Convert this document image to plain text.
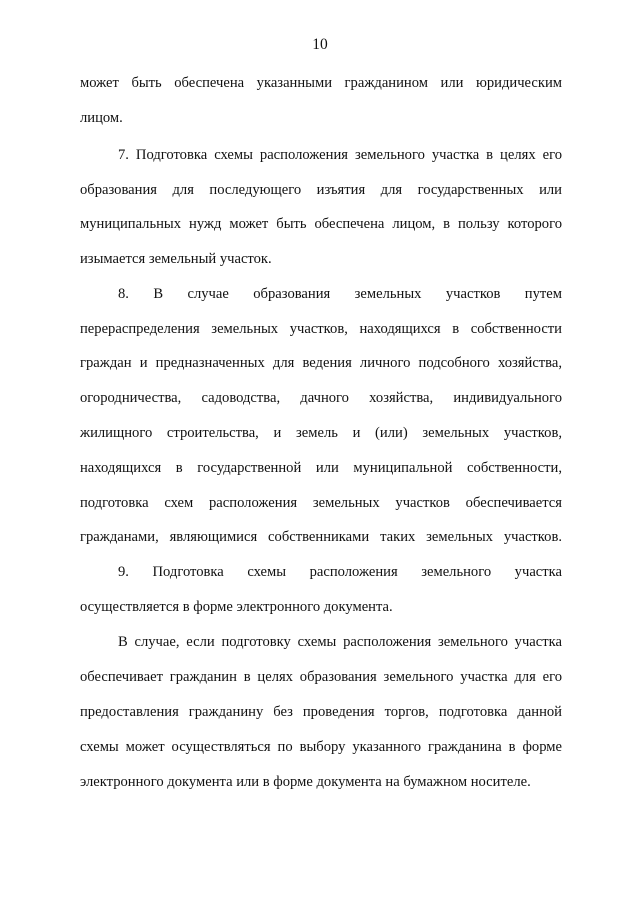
10
может быть обеспечена указанными гражданином или юридическим
лицом.
7. Подготовка схемы расположения земельного участка в целях его
образования для последующего изъятия для государственных или
муниципальных нужд может быть обеспечена лицом, в пользу которого
изымается земельный участок.
8. В случае образования земельных участков путем
перераспределения земельных участков, находящихся в собственности
граждан и предназначенных для ведения личного подсобного хозяйства,
огородничества, садоводства, дачного хозяйства, индивидуального
жилищного строительства, и земель и (или) земельных участков,
находящихся в государственной или муниципальной собственности,
подготовка схем расположения земельных участков обеспечивается
гражданами, являющимися собственниками таких земельных участков.
9. Подготовка схемы расположения земельного участка
осуществляется в форме электронного документа.
В случае, если подготовку схемы расположения земельного участка
обеспечивает гражданин в целях образования земельного участка для его
предоставления гражданину без проведения торгов, подготовка данной
схемы может осуществляться по выбору указанного гражданина в форме
электронного документа или в форме документа на бумажном носителе.
